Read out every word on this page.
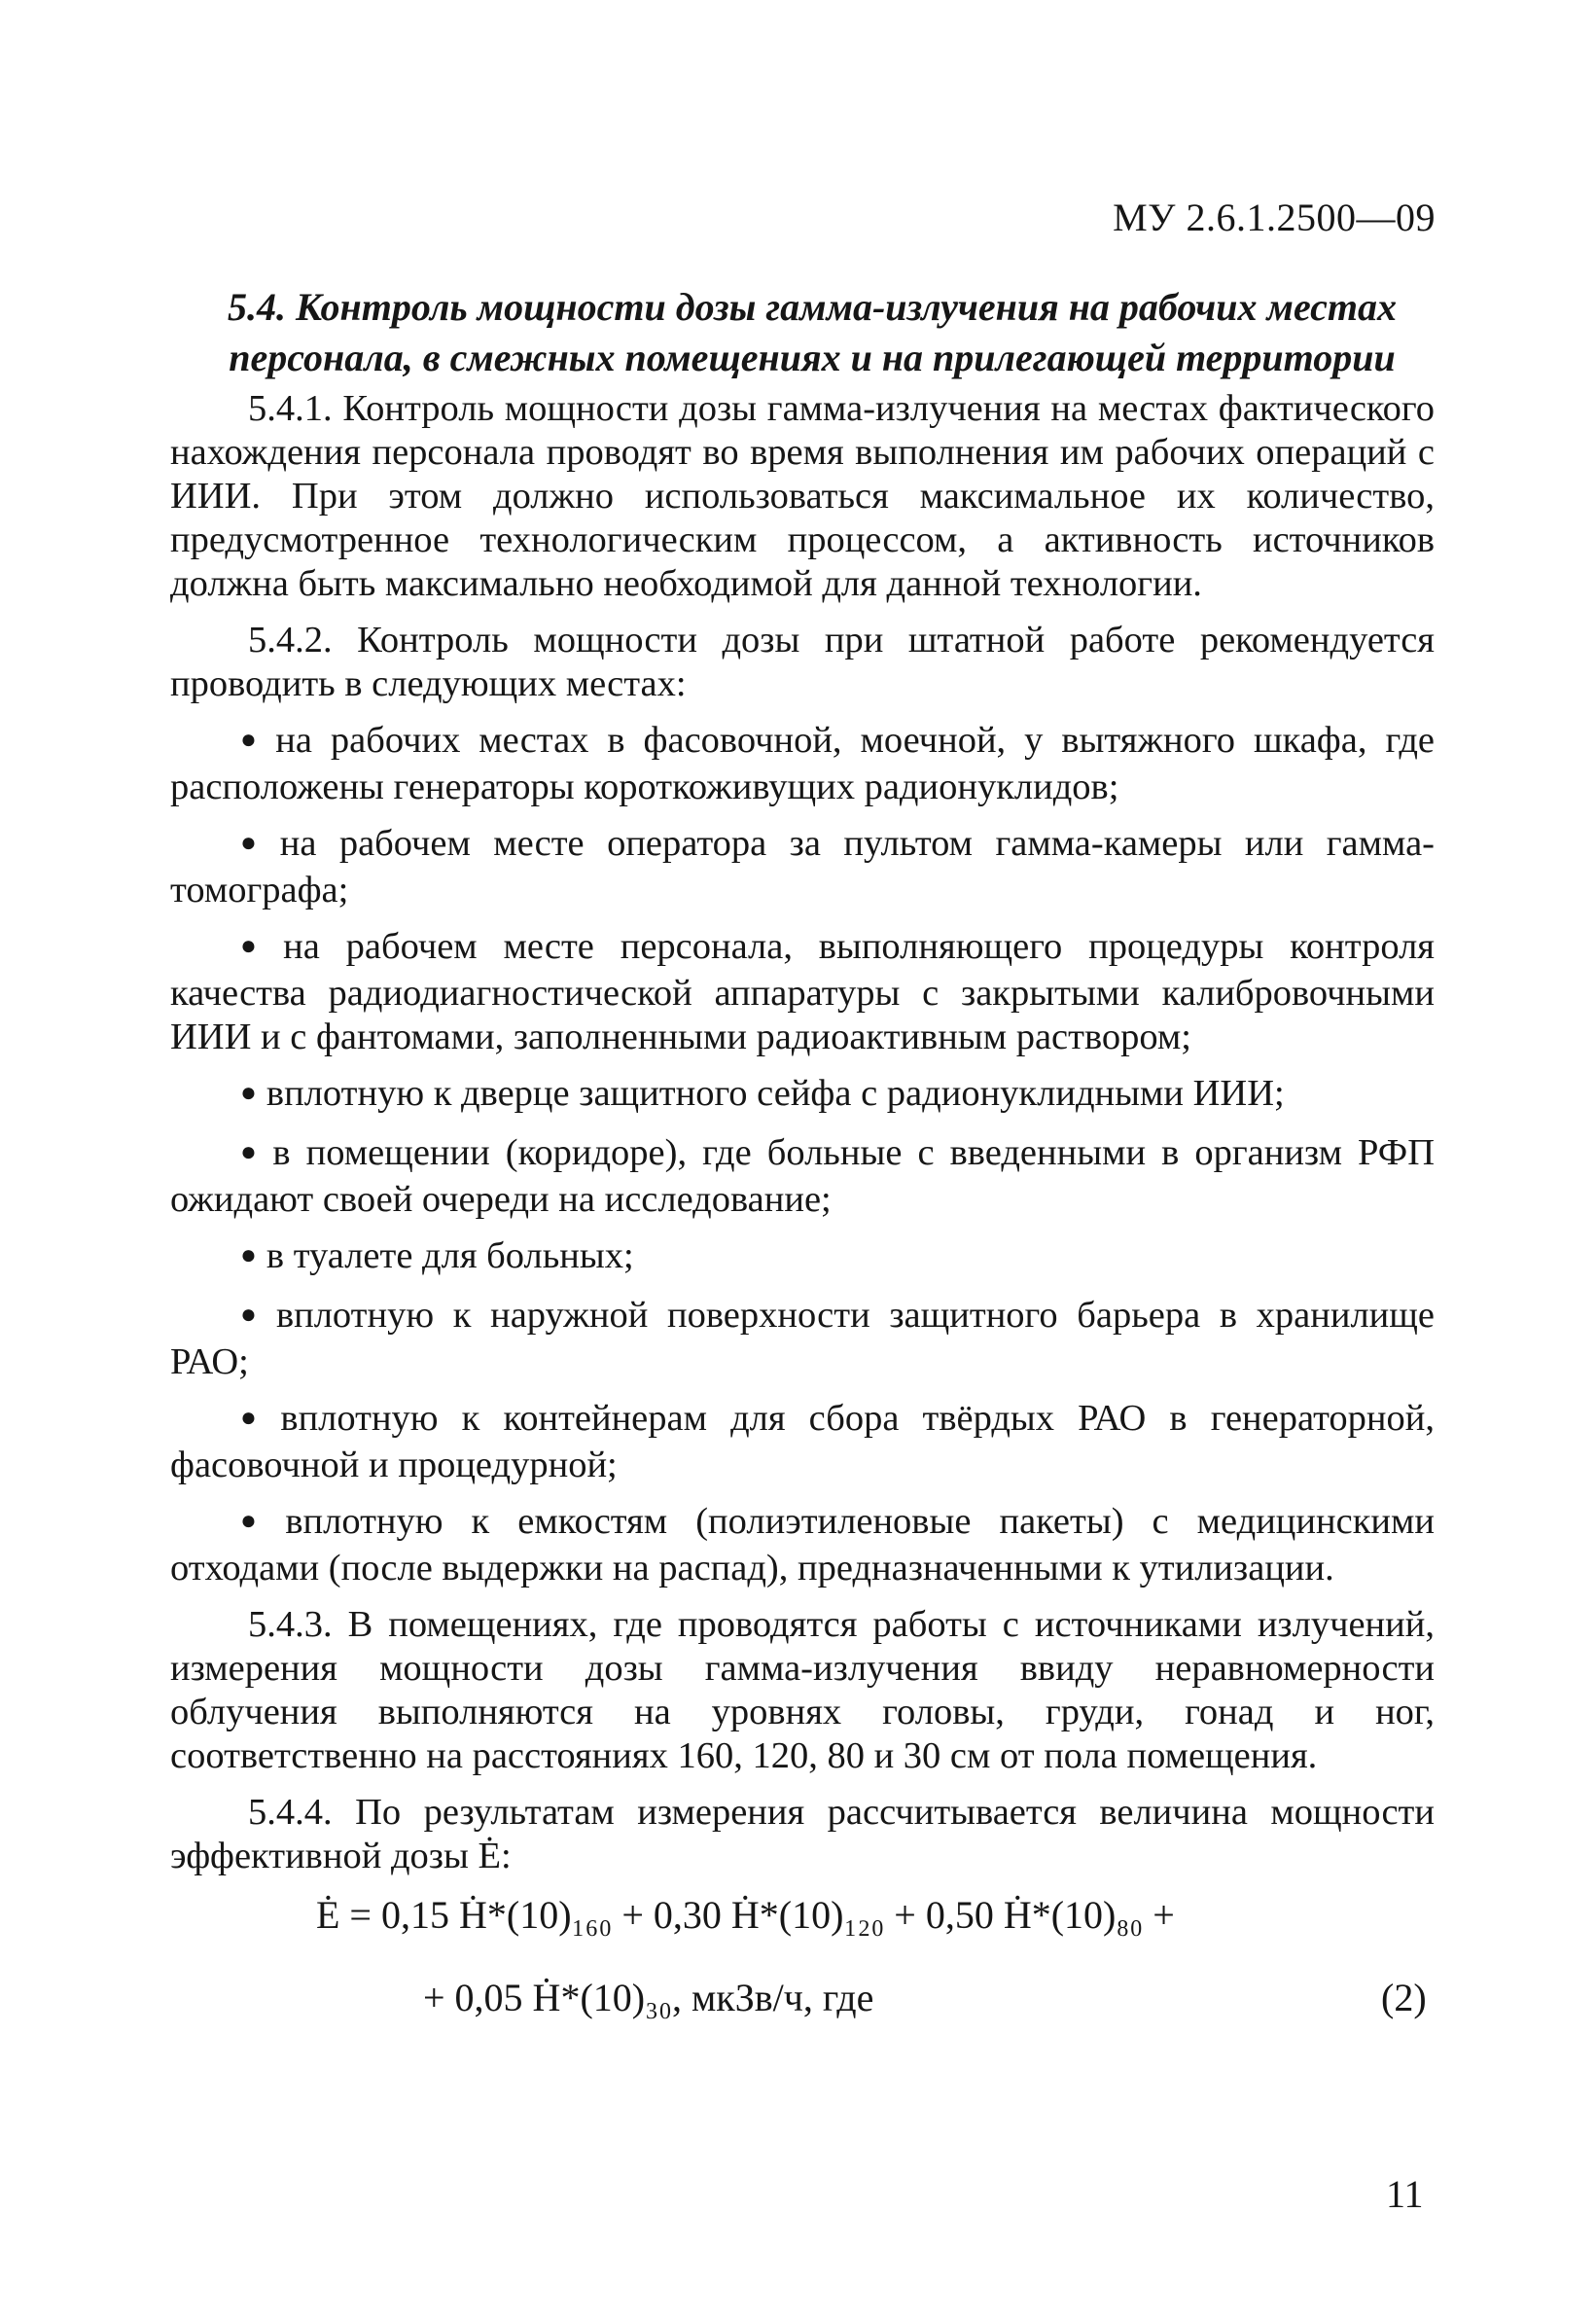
МУ 2.6.1.2500—09
5.4. Контроль мощности дозы гамма-излучения на рабочих местах
персонала, в смежных помещениях и на прилегающей территории

5.4.1. Контроль мощности дозы гамма-излучения на местах фактического нахождения персонала проводят во время выполнения им рабочих операций с ИИИ. При этом должно использоваться максимальное их количество, предусмотренное технологическим процессом, а активность источников должна быть максимально необходимой для данной технологии.

5.4.2. Контроль мощности дозы при штатной работе рекомендуется проводить в следующих местах:

● на рабочих местах в фасовочной, моечной, у вытяжного шкафа, где расположены генераторы короткоживущих радионуклидов;

● на рабочем месте оператора за пультом гамма-камеры или гамма-томографа;

● на рабочем месте персонала, выполняющего процедуры контроля качества радиодиагностической аппаратуры с закрытыми калибровочными ИИИ и с фантомами, заполненными радиоактивным раствором;

● вплотную к дверце защитного сейфа с радионуклидными ИИИ;

● в помещении (коридоре), где больные с введенными в организм РФП ожидают своей очереди на исследование;

● в туалете для больных;

● вплотную к наружной поверхности защитного барьера в хранилище РАО;

● вплотную к контейнерам для сбора твёрдых РАО в генераторной, фасовочной и процедурной;

● вплотную к емкостям (полиэтиленовые пакеты) с медицинскими отходами (после выдержки на распад), предназначенными к утилизации.

5.4.3. В помещениях, где проводятся работы с источниками излучений, измерения мощности дозы гамма-излучения ввиду неравномерности облучения выполняются на уровнях головы, груди, гонад и ног, соответственно на расстояниях 160, 120, 80 и 30 см от пола помещения.

5.4.4. По результатам измерения рассчитывается величина мощности эффективной дозы Ė:

Ė = 0,15 Ḣ*(10)₁₆₀ + 0,30 Ḣ*(10)₁₂₀ + 0,50 Ḣ*(10)₈₀ +
+ 0,05 Ḣ*(10)₃₀, мкЗв/ч, где	(2)
11
